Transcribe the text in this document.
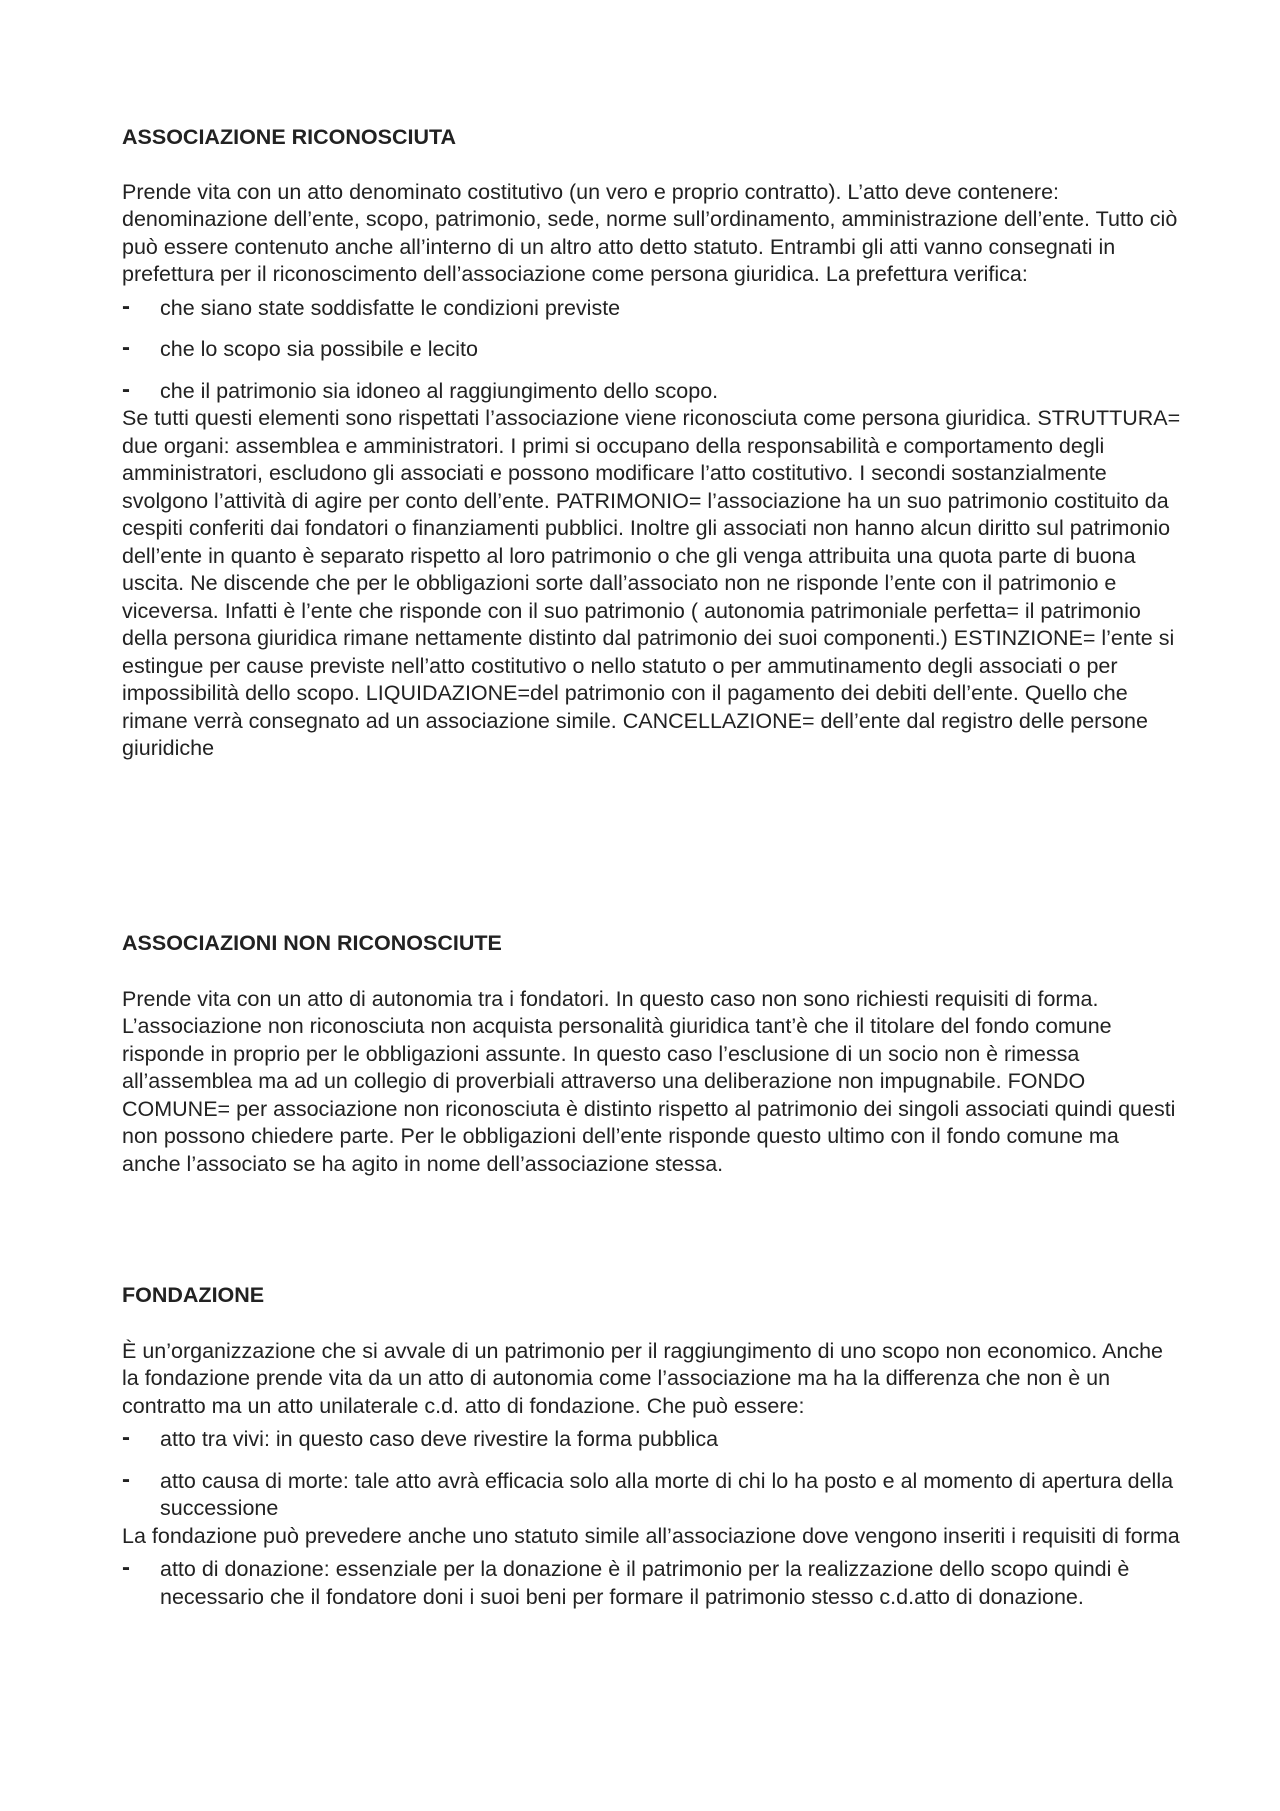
ASSOCIAZIONE RICONOSCIUTA

Prende vita con un atto denominato costitutivo (un vero e proprio contratto). L’atto deve contenere: denominazione dell’ente, scopo, patrimonio, sede, norme sull’ordinamento, amministrazione dell’ente. Tutto ciò può essere contenuto anche all’interno di un altro atto detto statuto. Entrambi gli atti vanno consegnati in prefettura per il riconoscimento dell’associazione come persona giuridica. La prefettura verifica:

- che siano state soddisfatte le condizioni previste
- che lo scopo sia possibile e lecito
- che il patrimonio sia idoneo al raggiungimento dello scopo.

Se tutti questi elementi sono rispettati l’associazione viene riconosciuta come persona giuridica. STRUTTURA= due organi: assemblea e amministratori. I primi si occupano della responsabilità e comportamento degli amministratori, escludono gli associati e possono modificare l’atto costitutivo. I secondi sostanzialmente svolgono l’attività di agire per conto dell’ente. PATRIMONIO= l’associazione ha un suo patrimonio costituito da cespiti conferiti dai fondatori o finanziamenti pubblici. Inoltre gli associati non hanno alcun diritto sul patrimonio dell’ente in quanto è separato rispetto al loro patrimonio o che gli venga attribuita una quota parte di buona uscita. Ne discende che per le obbligazioni sorte dall’associato non ne risponde l’ente con il patrimonio e viceversa. Infatti è l’ente che risponde con il suo patrimonio ( autonomia patrimoniale perfetta= il patrimonio della persona giuridica rimane nettamente distinto dal patrimonio dei suoi componenti.) ESTINZIONE= l’ente si estingue per cause previste nell’atto costitutivo o nello statuto o per ammutinamento degli associati o per impossibilità dello scopo. LIQUIDAZIONE=del patrimonio con il pagamento dei debiti dell’ente. Quello che rimane verrà consegnato ad un associazione simile. CANCELLAZIONE= dell’ente dal registro delle persone giuridiche

ASSOCIAZIONI NON RICONOSCIUTE

Prende vita con un atto di autonomia tra i fondatori. In questo caso non sono richiesti requisiti di forma. L’associazione non riconosciuta non acquista personalità giuridica tant’è che il titolare del fondo comune risponde in proprio per le obbligazioni assunte. In questo caso l’esclusione di un socio non è rimessa all’assemblea ma ad un collegio di proverbiali attraverso una deliberazione non impugnabile. FONDO COMUNE= per associazione non riconosciuta è distinto rispetto al patrimonio dei singoli associati quindi questi non possono chiedere parte. Per le obbligazioni dell’ente risponde questo ultimo con il fondo comune ma anche l’associato se ha agito in nome dell’associazione stessa.

FONDAZIONE

È un’organizzazione che si avvale di un patrimonio per il raggiungimento di uno scopo non economico. Anche la fondazione prende vita da un atto di autonomia come l’associazione ma ha la differenza che non è un contratto ma un atto unilaterale c.d. atto di fondazione. Che può essere:

- atto tra vivi: in questo caso deve rivestire la forma pubblica
- atto causa di morte: tale atto avrà efficacia solo alla morte di chi lo ha posto e al momento di apertura della successione

La fondazione può prevedere anche uno statuto simile all’associazione dove vengono inseriti i requisiti di forma

- atto di donazione: essenziale per la donazione è il patrimonio per la realizzazione dello scopo quindi è necessario che il fondatore doni i suoi beni per formare il patrimonio stesso c.d.atto di donazione.
